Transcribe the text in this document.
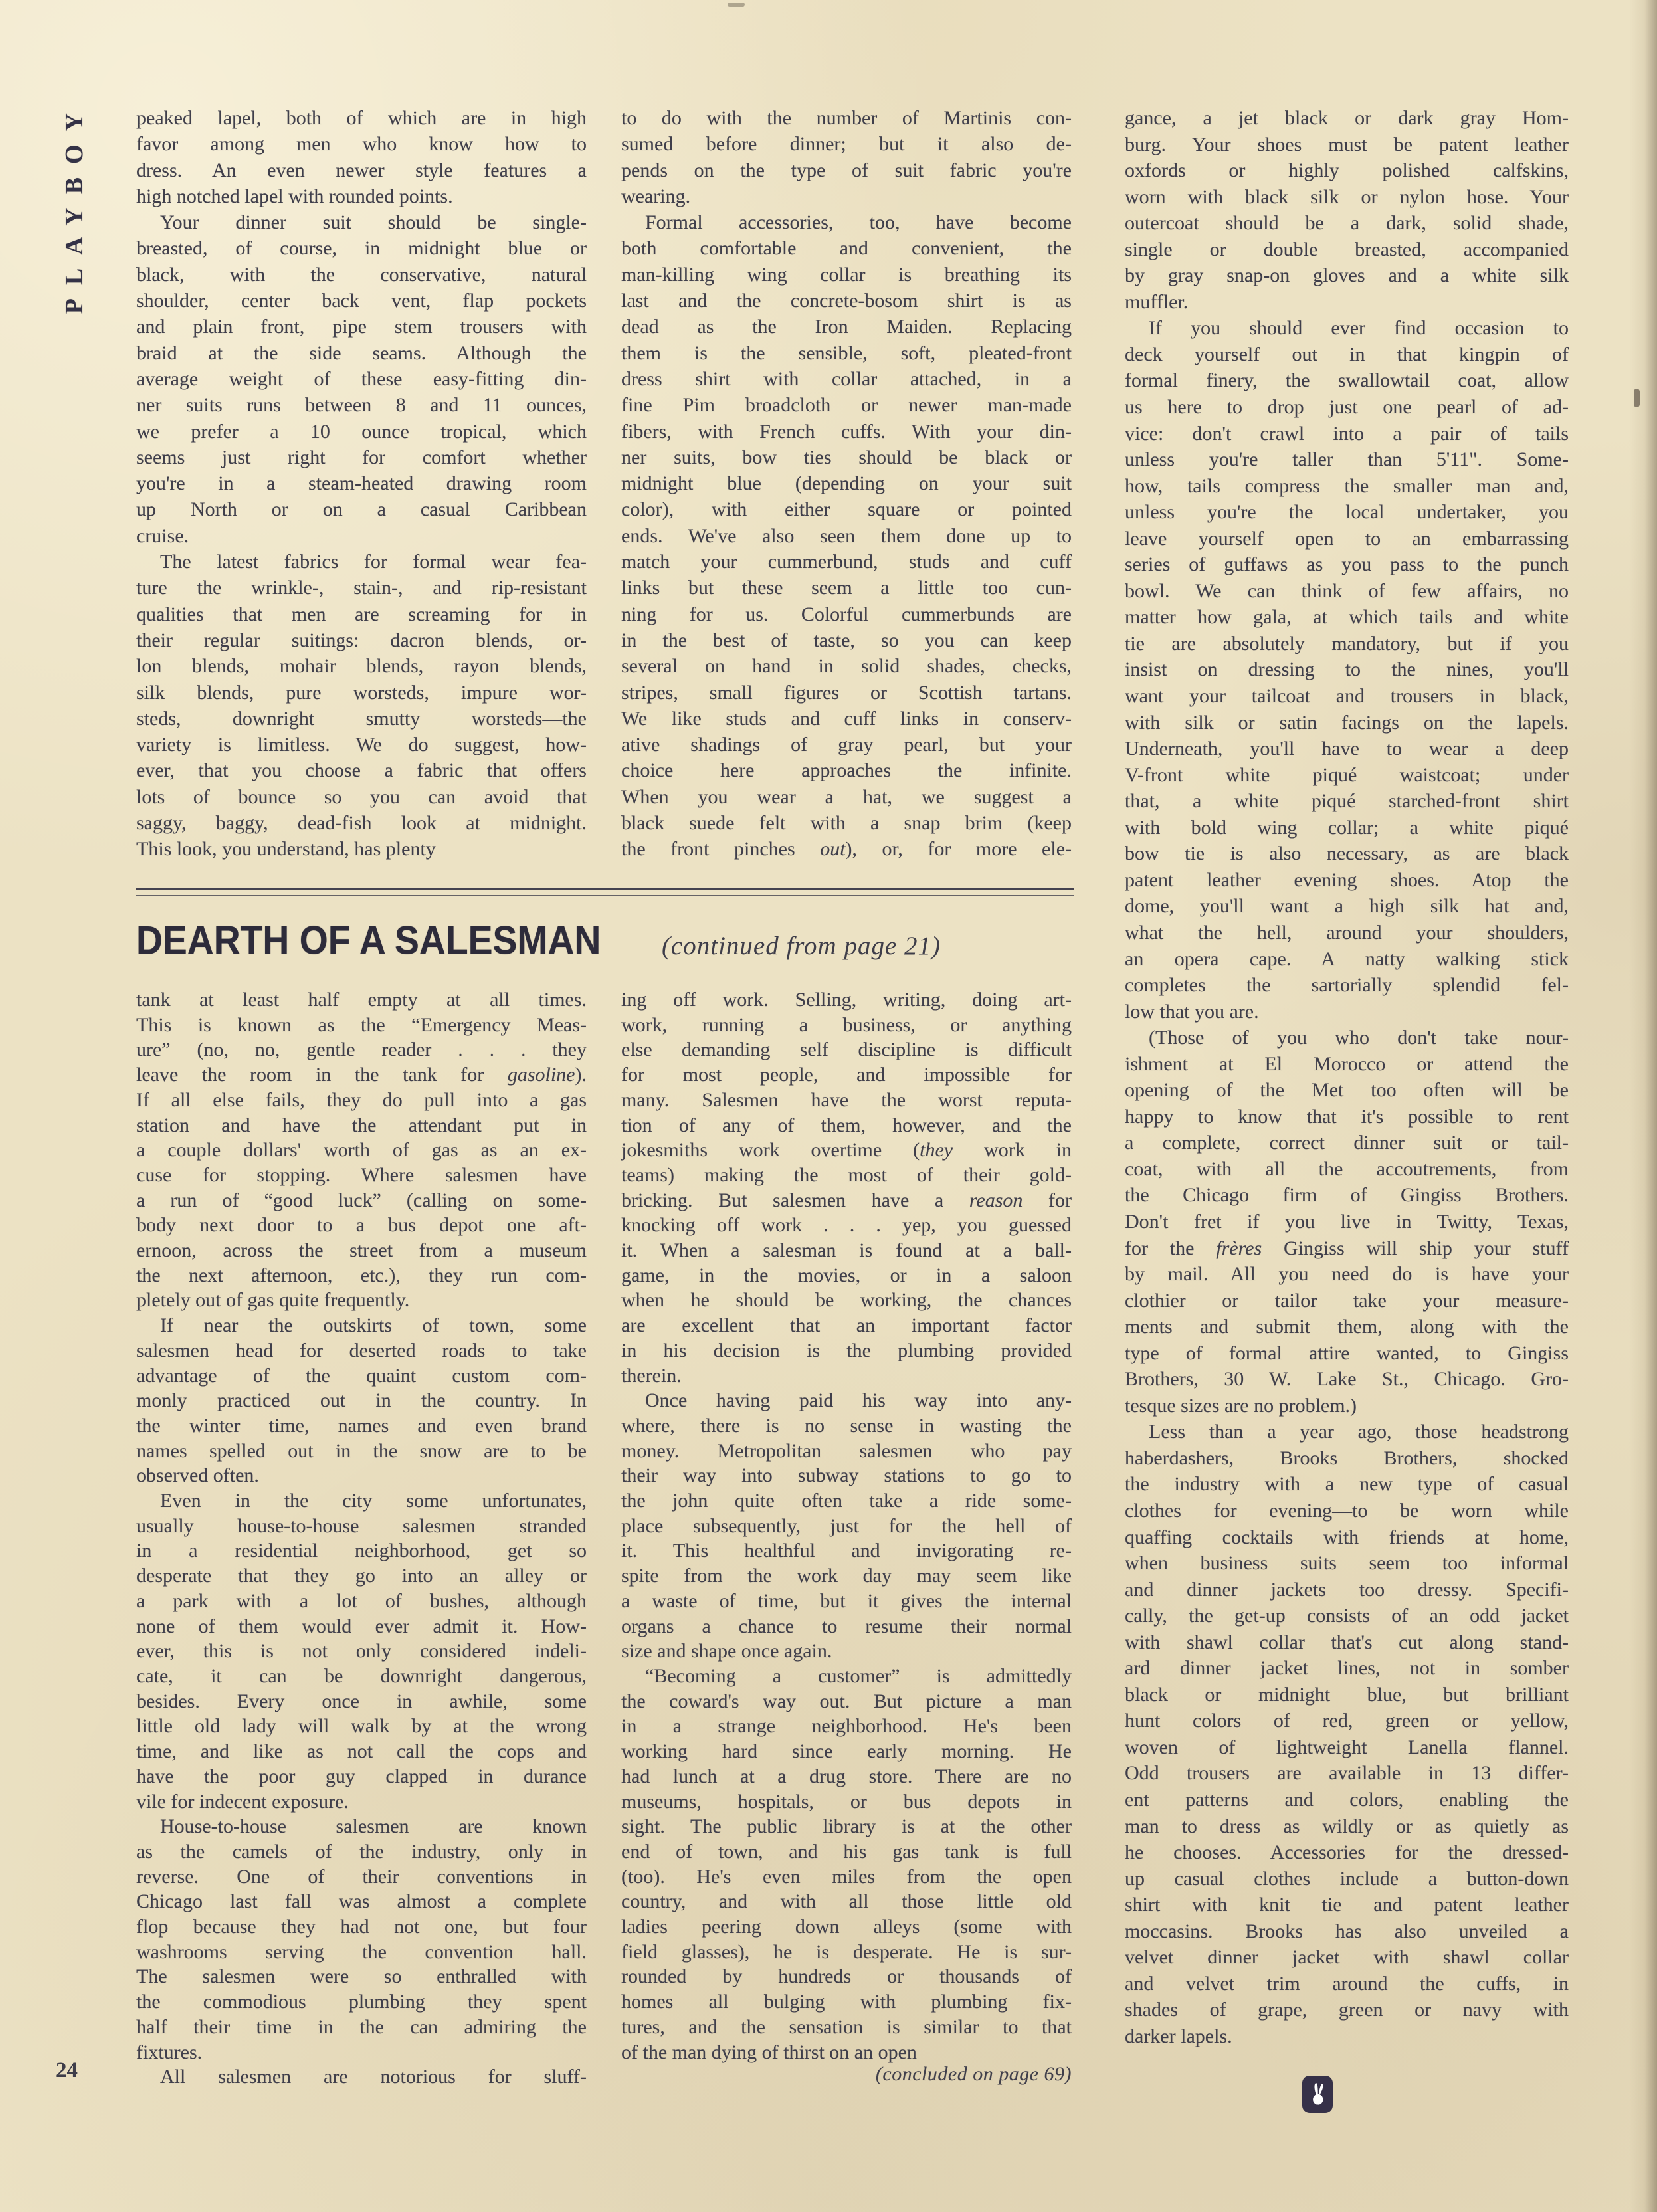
PLAYBOY peaked lapel, both of which are in high
favor among men who know how to
dress. An even newer style features a
high notched lapel with rounded points.
Your dinner suit should be single-
breasted, of course, in midnight blue or
black, with the conservative, natural
shoulder, center back vent, flap pockets
and plain front, pipe stem trousers with
braid at the side seams. Although the
average weight of these easy-fitting din-
ner suits runs between 8 and 11 ounces,
we prefer a 10 ounce tropical, which
seems just right for comfort whether
you're in a steam-heated drawing room
up North or on a casual Caribbean
cruise.
The latest fabrics for formal wear fea-
ture the wrinkle-, stain-, and rip-resistant
qualities that men are screaming for in
their regular suitings: dacron blends, or-
lon blends, mohair blends, rayon blends,
silk blends, pure worsteds, impure wor-
steds, downright smutty worsteds—the
variety is limitless. We do suggest, how-
ever, that you choose a fabric that offers
lots of bounce so you can avoid that
saggy, baggy, dead-fish look at midnight.
This look, you understand, has plenty
to do with the number of Martinis con-
sumed before dinner; but it also de-
pends on the type of suit fabric you're
wearing.
Formal accessories, too, have become
both comfortable and convenient, the
man-killing wing collar is breathing its
last and the concrete-bosom shirt is as
dead as the Iron Maiden. Replacing
them is the sensible, soft, pleated-front
dress shirt with collar attached, in a
fine Pim broadcloth or newer man-made
fibers, with French cuffs. With your din-
ner suits, bow ties should be black or
midnight blue (depending on your suit
color), with either square or pointed
ends. We've also seen them done up to
match your cummerbund, studs and cuff
links but these seem a little too cun-
ning for us. Colorful cummerbunds are
in the best of taste, so you can keep
several on hand in solid shades, checks,
stripes, small figures or Scottish tartans.
We like studs and cuff links in conserv-
ative shadings of gray pearl, but your
choice here approaches the infinite.
When you wear a hat, we suggest a
black suede felt with a snap brim (keep
the front pinches out), or, for more ele-
gance, a jet black or dark gray Hom-
burg. Your shoes must be patent leather
oxfords or highly polished calfskins,
worn with black silk or nylon hose. Your
outercoat should be a dark, solid shade,
single or double breasted, accompanied
by gray snap-on gloves and a white silk
muffler.
If you should ever find occasion to
deck yourself out in that kingpin of
formal finery, the swallowtail coat, allow
us here to drop just one pearl of ad-
vice: don't crawl into a pair of tails
unless you're taller than 5'11". Some-
how, tails compress the smaller man and,
unless you're the local undertaker, you
leave yourself open to an embarrassing
series of guffaws as you pass to the punch
bowl. We can think of few affairs, no
matter how gala, at which tails and white
tie are absolutely mandatory, but if you
insist on dressing to the nines, you'll
want your tailcoat and trousers in black,
with silk or satin facings on the lapels.
Underneath, you'll have to wear a deep
V-front white piqué waistcoat; under
that, a white piqué starched-front shirt
with bold wing collar; a white piqué
bow tie is also necessary, as are black
patent leather evening shoes. Atop the
dome, you'll want a high silk hat and,
what the hell, around your shoulders,
an opera cape. A natty walking stick
completes the sartorially splendid fel-
low that you are.
(Those of you who don't take nour-
ishment at El Morocco or attend the
opening of the Met too often will be
happy to know that it's possible to rent
a complete, correct dinner suit or tail-
coat, with all the accoutrements, from
the Chicago firm of Gingiss Brothers.
Don't fret if you live in Twitty, Texas,
for the frères Gingiss will ship your stuff
by mail. All you need do is have your
clothier or tailor take your measure-
ments and submit them, along with the
type of formal attire wanted, to Gingiss
Brothers, 30 W. Lake St., Chicago. Gro-
tesque sizes are no problem.)
Less than a year ago, those headstrong
haberdashers, Brooks Brothers, shocked
the industry with a new type of casual
clothes for evening—to be worn while
quaffing cocktails with friends at home,
when business suits seem too informal
and dinner jackets too dressy. Specifi-
cally, the get-up consists of an odd jacket
with shawl collar that's cut along stand-
ard dinner jacket lines, not in somber
black or midnight blue, but brilliant
hunt colors of red, green or yellow,
woven of lightweight Lanella flannel.
Odd trousers are available in 13 differ-
ent patterns and colors, enabling the
man to dress as wildly or as quietly as
he chooses. Accessories for the dressed-
up casual clothes include a button-down
shirt with knit tie and patent leather
moccasins. Brooks has also unveiled a
velvet dinner jacket with shawl collar
and velvet trim around the cuffs, in
shades of grape, green or navy with
darker lapels.
DEARTH OF A SALESMAN (continued from page 21)
tank at least half empty at all times.
This is known as the “Emergency Meas-
ure” (no, no, gentle reader . . . they
leave the room in the tank for gasoline).
If all else fails, they do pull into a gas
station and have the attendant put in
a couple dollars' worth of gas as an ex-
cuse for stopping. Where salesmen have
a run of “good luck” (calling on some-
body next door to a bus depot one aft-
ernoon, across the street from a museum
the next afternoon, etc.), they run com-
pletely out of gas quite frequently.
If near the outskirts of town, some
salesmen head for deserted roads to take
advantage of the quaint custom com-
monly practiced out in the country. In
the winter time, names and even brand
names spelled out in the snow are to be
observed often.
Even in the city some unfortunates,
usually house-to-house salesmen stranded
in a residential neighborhood, get so
desperate that they go into an alley or
a park with a lot of bushes, although
none of them would ever admit it. How-
ever, this is not only considered indeli-
cate, it can be downright dangerous,
besides. Every once in awhile, some
little old lady will walk by at the wrong
time, and like as not call the cops and
have the poor guy clapped in durance
vile for indecent exposure.
House-to-house salesmen are known
as the camels of the industry, only in
reverse. One of their conventions in
Chicago last fall was almost a complete
flop because they had not one, but four
washrooms serving the convention hall.
The salesmen were so enthralled with
the commodious plumbing they spent
half their time in the can admiring the
fixtures.
All salesmen are notorious for sluff-
ing off work. Selling, writing, doing art-
work, running a business, or anything
else demanding self discipline is difficult
for most people, and impossible for
many. Salesmen have the worst reputa-
tion of any of them, however, and the
jokesmiths work overtime (they work in
teams) making the most of their gold-
bricking. But salesmen have a reason for
knocking off work . . . yep, you guessed
it. When a salesman is found at a ball-
game, in the movies, or in a saloon
when he should be working, the chances
are excellent that an important factor
in his decision is the plumbing provided
therein.
Once having paid his way into any-
where, there is no sense in wasting the
money. Metropolitan salesmen who pay
their way into subway stations to go to
the john quite often take a ride some-
place subsequently, just for the hell of
it. This healthful and invigorating re-
spite from the work day may seem like
a waste of time, but it gives the internal
organs a chance to resume their normal
size and shape once again.
“Becoming a customer” is admittedly
the coward's way out. But picture a man
in a strange neighborhood. He's been
working hard since early morning. He
had lunch at a drug store. There are no
museums, hospitals, or bus depots in
sight. The public library is at the other
end of town, and his gas tank is full
(too). He's even miles from the open
country, and with all those little old
ladies peering down alleys (some with
field glasses), he is desperate. He is sur-
rounded by hundreds or thousands of
homes all bulging with plumbing fix-
tures, and the sensation is similar to that
of the man dying of thirst on an open
(concluded on page 69)
24
